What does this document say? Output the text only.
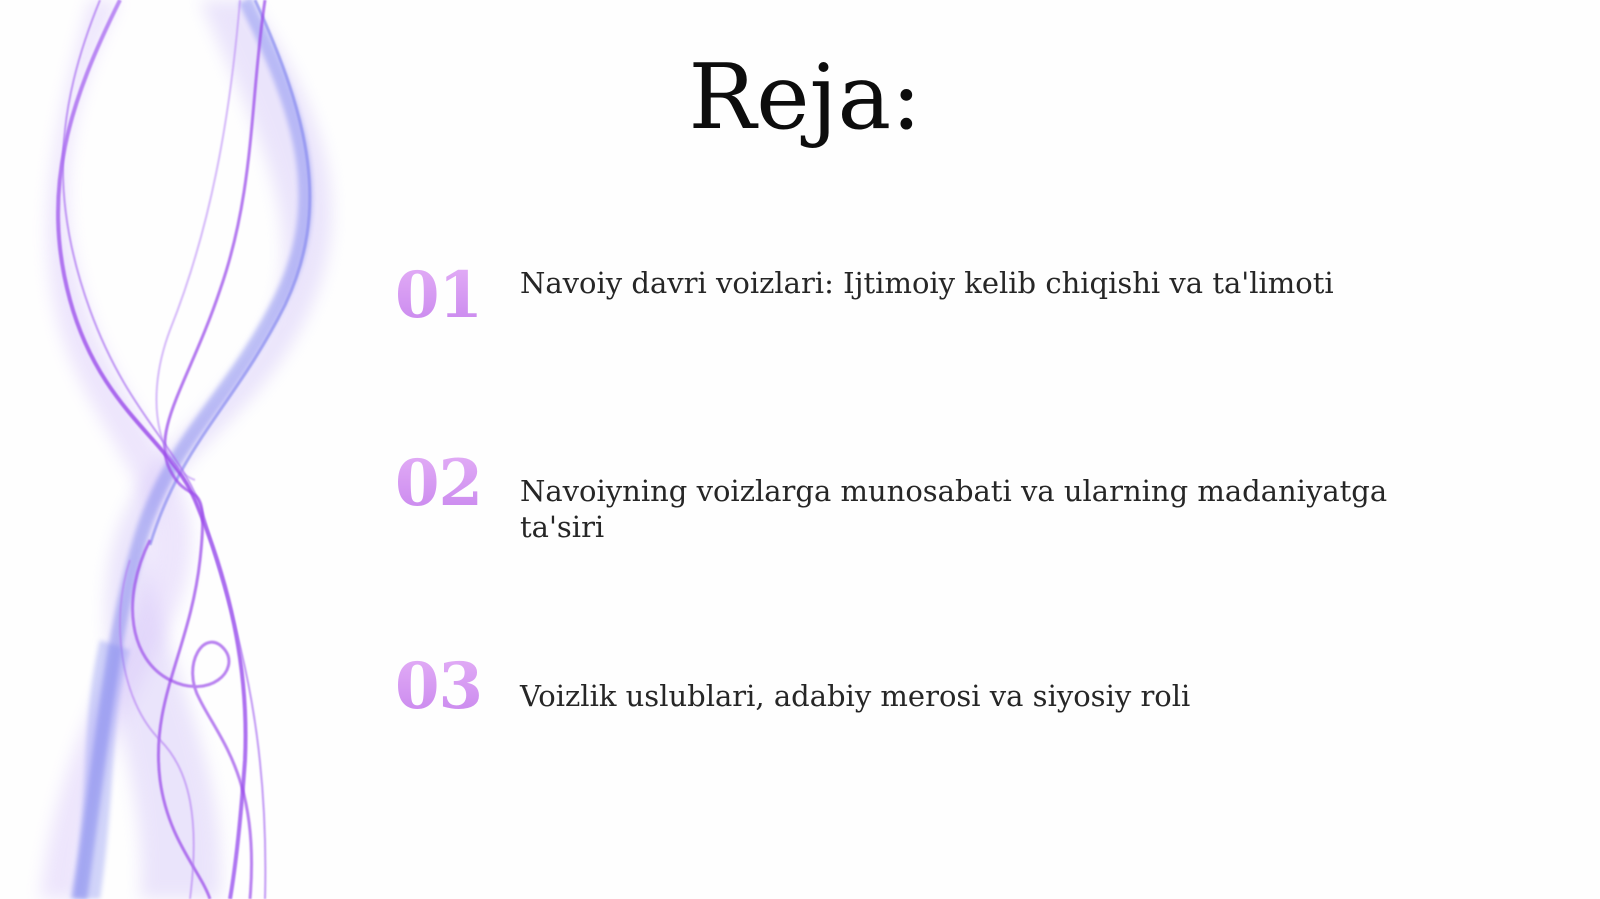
Reja:
01 Navoiy davri voizlari: Ijtimoiy kelib chiqishi va ta'limoti
02 Navoiyning voizlarga munosabati va ularning madaniyatga ta'siri
03 Voizlik uslublari, adabiy merosi va siyosiy roli
